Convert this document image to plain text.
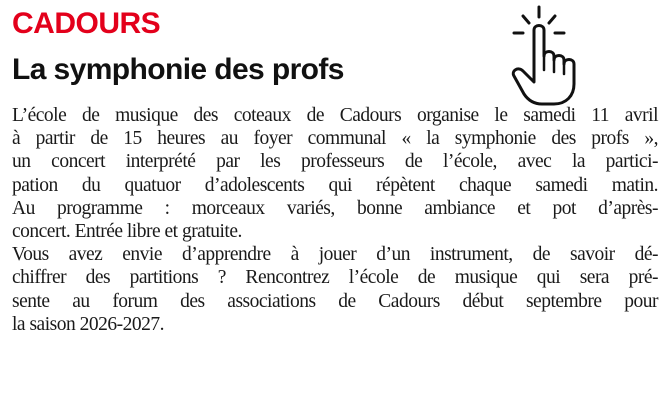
CADOURS
La symphonie des profs
L’école de musique des coteaux de Cadours organise le samedi 11 avril
à partir de 15 heures au foyer communal « la symphonie des profs »,
un concert interprété par les professeurs de l’école, avec la partici-
pation du quatuor d’adolescents qui répètent chaque samedi matin.
Au programme : morceaux variés, bonne ambiance et pot d’après-
concert. Entrée libre et gratuite.
Vous avez envie d’apprendre à jouer d’un instrument, de savoir dé-
chiffrer des partitions ? Rencontrez l’école de musique qui sera pré-
sente au forum des associations de Cadours début septembre pour
la saison 2026-2027.
